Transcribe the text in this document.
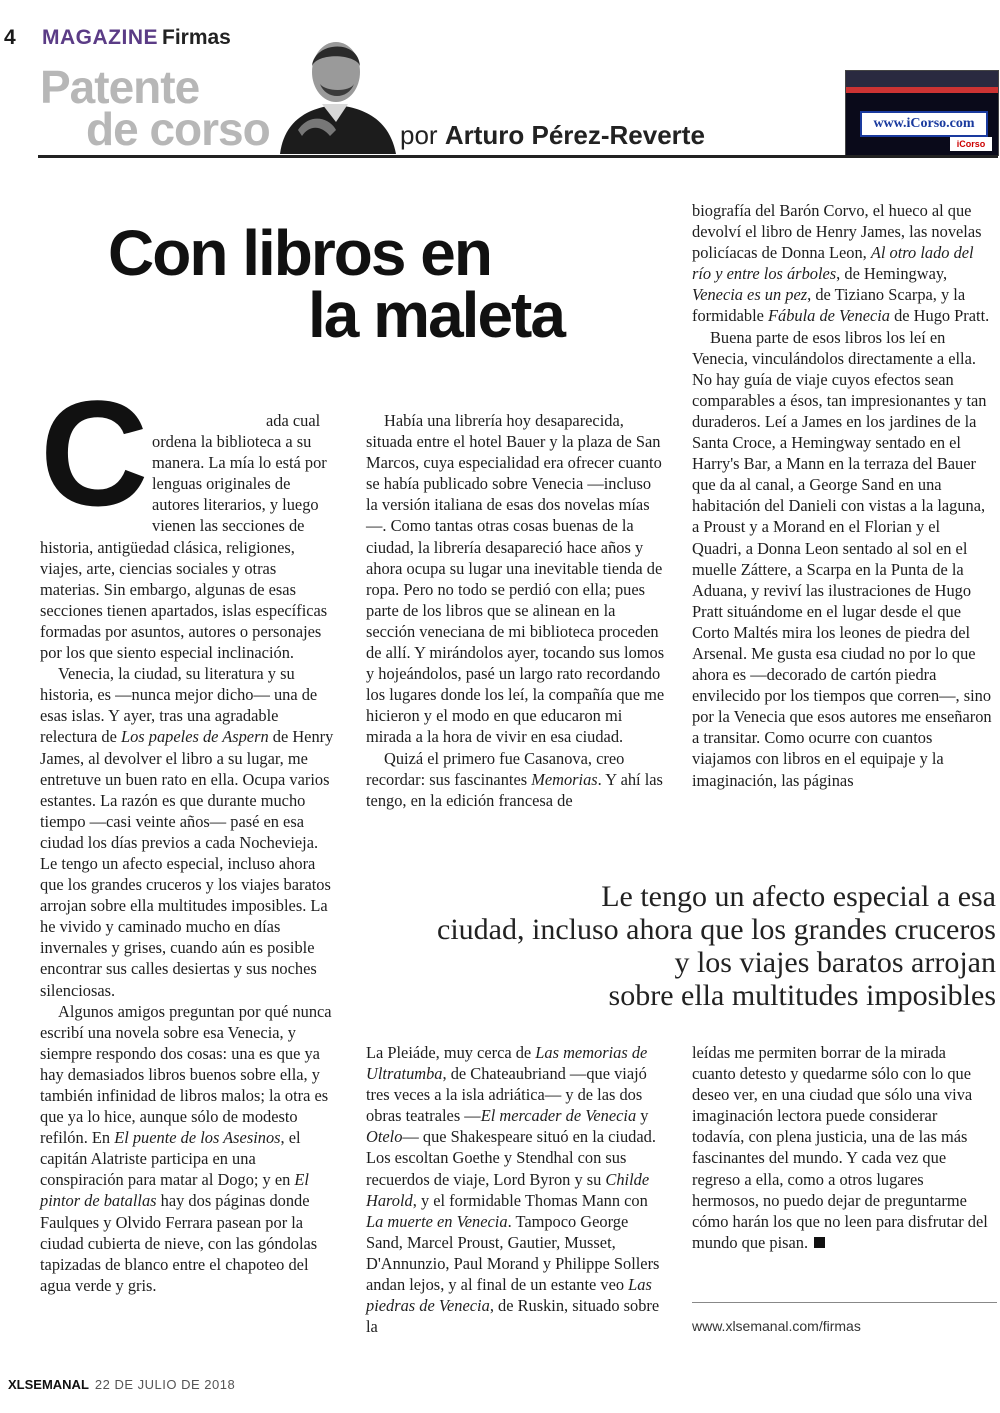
4 MAGAZINE Firmas
Patente
de corso	www.iCorso.com
iCorso
por Arturo Pérez-Reverte
Con libros en
la maleta
C	ada cual ordena la biblioteca a su manera. La mía lo está por lenguas originales de autores literarios, y luego vienen las secciones de historia, antigüedad clásica, religiones, viajes, arte, ciencias sociales y otras materias. Sin embargo, algunas de esas secciones tienen apartados, islas específicas formadas por asuntos, autores o personajes por los que siento especial inclinación.

Venecia, la ciudad, su literatura y su historia, es —nunca mejor dicho— una de esas islas. Y ayer, tras una agradable relectura de Los papeles de Aspern de Henry James, al devolver el libro a su lugar, me entretuve un buen rato en ella. Ocupa varios estantes. La razón es que durante mucho tiempo —casi veinte años— pasé en esa ciudad los días previos a cada Nochevieja. Le tengo un afecto especial, incluso ahora que los grandes cruceros y los viajes baratos arrojan sobre ella multitudes imposibles. La he vivido y caminado mucho en días invernales y grises, cuando aún es posible encontrar sus calles desiertas y sus noches silenciosas.

Algunos amigos preguntan por qué nunca escribí una novela sobre esa Venecia, y siempre respondo dos cosas: una es que ya hay demasiados libros buenos sobre ella, y también infinidad de libros malos; la otra es que ya lo hice, aunque sólo de modesto refilón. En El puente de los Asesinos, el capitán Alatriste participa en una conspiración para matar al Dogo; y en El pintor de batallas hay dos páginas donde Faulques y Olvido Ferrara pasean por la ciudad cubierta de nieve, con las góndolas tapizadas de blanco entre el chapoteo del agua verde y gris.

Había una librería hoy desaparecida, situada entre el hotel Bauer y la plaza de San Marcos, cuya especialidad era ofrecer cuanto se había publicado sobre Venecia —incluso la versión italiana de esas dos novelas mías—. Como tantas otras cosas buenas de la ciudad, la librería desapareció hace años y ahora ocupa su lugar una inevitable tienda de ropa. Pero no todo se perdió con ella; pues parte de los libros que se alinean en la sección veneciana de mi biblioteca proceden de allí. Y mirándolos ayer, tocando sus lomos y hojeándolos, pasé un largo rato recordando los lugares donde los leí, la compañía que me hicieron y el modo en que educaron mi mirada a la hora de vivir en esa ciudad.

Quizá el primero fue Casanova, creo recordar: sus fascinantes Memorias. Y ahí las tengo, en la edición francesa de

biografía del Barón Corvo, el hueco al que devolví el libro de Henry James, las novelas policíacas de Donna Leon, Al otro lado del río y entre los árboles, de Hemingway, Venecia es un pez, de Tiziano Scarpa, y la formidable Fábula de Venecia de Hugo Pratt.

Buena parte de esos libros los leí en Venecia, vinculándolos directamente a ella. No hay guía de viaje cuyos efectos sean comparables a ésos, tan impresionantes y tan duraderos. Leí a James en los jardines de la Santa Croce, a Hemingway sentado en el Harry's Bar, a Mann en la terraza del Bauer que da al canal, a George Sand en una habitación del Danieli con vistas a la laguna, a Proust y a Morand en el Florian y el Quadri, a Donna Leon sentado al sol en el muelle Záttere, a Scarpa en la Punta de la Aduana, y reviví las ilustraciones de Hugo Pratt situándome en el lugar desde el que Corto Maltés mira los leones de piedra del Arsenal. Me gusta esa ciudad no por lo que ahora es —decorado de cartón piedra envilecido por los tiempos que corren—, sino por la Venecia que esos autores me enseñaron a transitar. Como ocurre con cuantos viajamos con libros en el equipaje y la imaginación, las páginas

Le tengo un afecto especial a esa
ciudad, incluso ahora que los grandes cruceros
y los viajes baratos arrojan
sobre ella multitudes imposibles

La Pleiáde, muy cerca de Las memorias de Ultratumba, de Chateaubriand —que viajó tres veces a la isla adriática— y de las dos obras teatrales —El mercader de Venecia y Otelo— que Shakespeare situó en la ciudad. Los escoltan Goethe y Stendhal con sus recuerdos de viaje, Lord Byron y su Childe Harold, y el formidable Thomas Mann con La muerte en Venecia. Tampoco George Sand, Marcel Proust, Gautier, Musset, D'Annunzio, Paul Morand y Philippe Sollers andan lejos, y al final de un estante veo Las piedras de Venecia, de Ruskin, situado sobre la

leídas me permiten borrar de la mirada cuanto detesto y quedarme sólo con lo que deseo ver, en una ciudad que sólo una viva imaginación lectora puede considerar todavía, con plena justicia, una de las más fascinantes del mundo. Y cada vez que regreso a ella, como a otros lugares hermosos, no puedo dejar de preguntarme cómo harán los que no leen para disfrutar del mundo que pisan.

www.xlsemanal.com/firmas
XLSEMANAL 22 DE JULIO DE 2018
